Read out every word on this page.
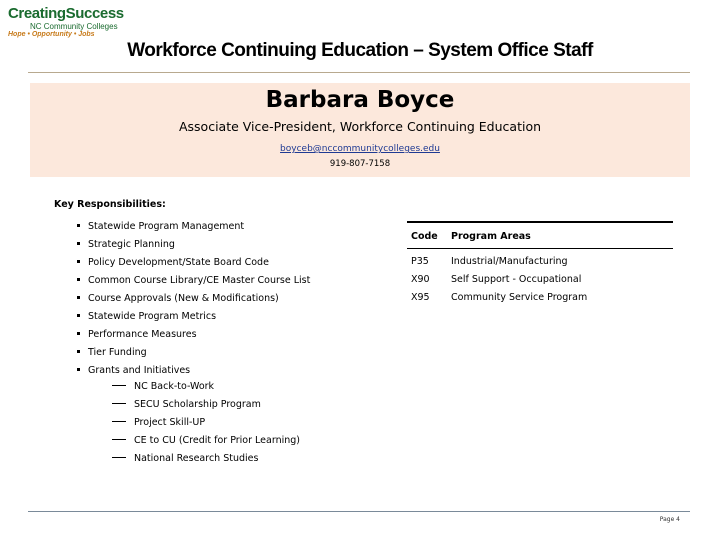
CreatingSuccess
NC Community Colleges
Hope • Opportunity • Jobs
Workforce Continuing Education – System Office Staff
Barbara Boyce
Associate Vice-President, Workforce Continuing Education
boyceb@nccommunitycolleges.edu
919-807-7158
Key Responsibilities:
Statewide Program Management
Strategic Planning
Policy Development/State Board Code
Common Course Library/CE Master Course List
Course Approvals (New & Modifications)
Statewide Program Metrics
Performance Measures
Tier Funding
Grants and Initiatives
NC Back-to-Work
SECU Scholarship Program
Project Skill-UP
CE to CU (Credit for Prior Learning)
National Research Studies
Code	Program Areas
P35	Industrial/Manufacturing
X90	Self Support - Occupational
X95	Community Service Program
Page 4
